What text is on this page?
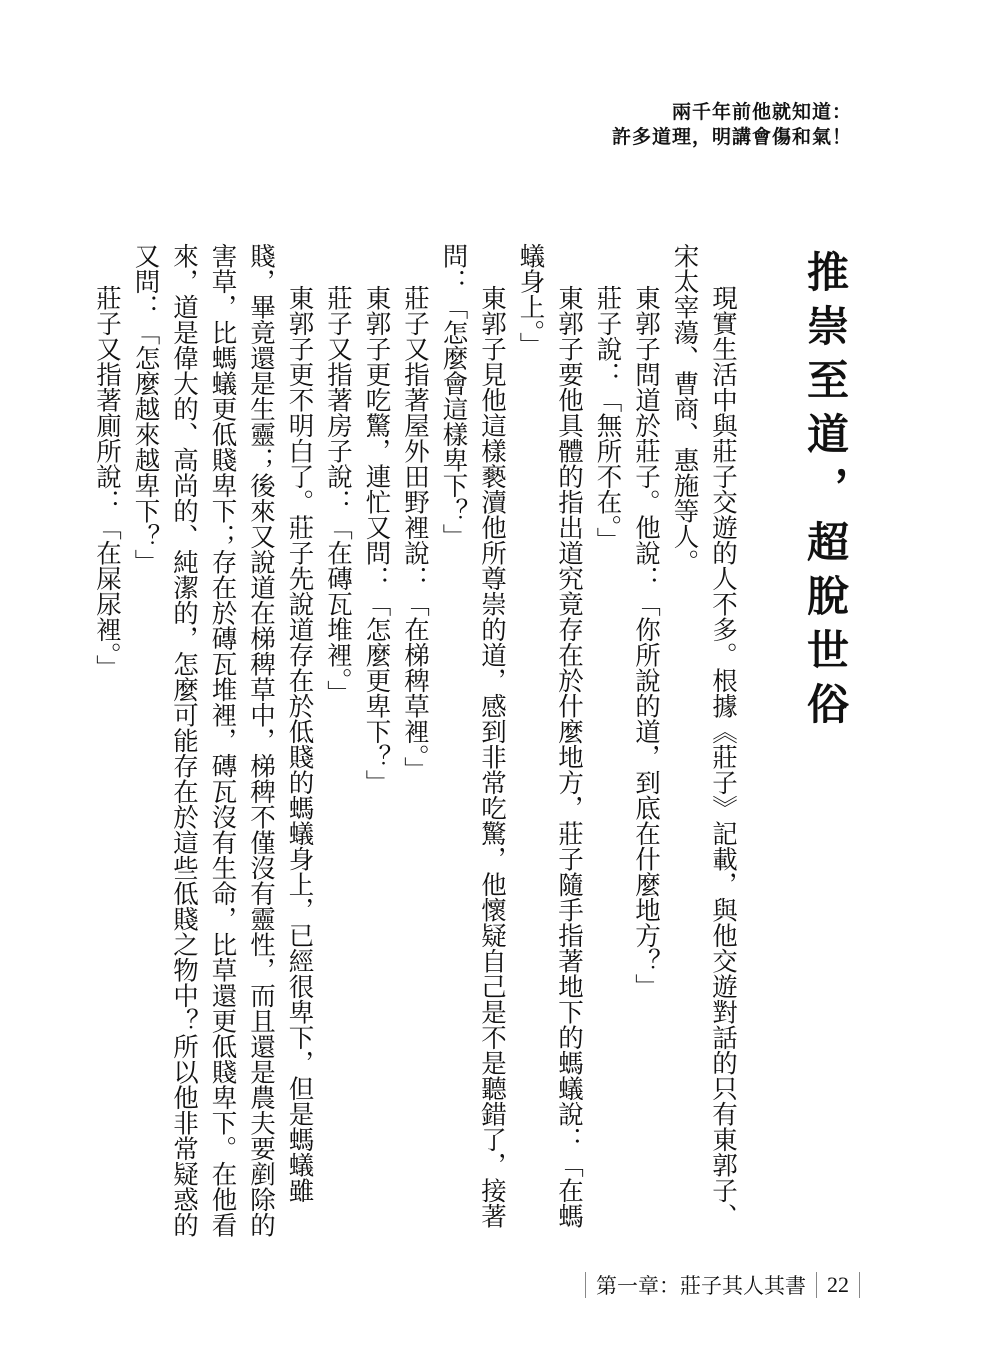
兩千年前他就知道：
許多道理，明講會傷和氣！
推崇至道，超脫世俗

現實生活中與莊子交遊的人不多。根據《莊子》記載，與他交遊對話的只有東郭子、宋太宰蕩、曹商、惠施等人。

東郭子問道於莊子。他說：「你所說的道，到底在什麼地方？」

莊子說：「無所不在。」

東郭子要他具體的指出道究竟存在於什麼地方，莊子隨手指著地下的螞蟻說：「在螞蟻身上。」

東郭子見他這樣褻瀆他所尊崇的道，感到非常吃驚，他懷疑自己是不是聽錯了，接著問：「怎麼會這樣卑下？」

莊子又指著屋外田野裡說：「在梯稗草裡。」

東郭子更吃驚，連忙又問：「怎麼更卑下？」

莊子又指著房子說：「在磚瓦堆裡。」

東郭子更不明白了。莊子先說道存在於低賤的螞蟻身上，已經很卑下，但是螞蟻雖賤，畢竟還是生靈；後來又說道在梯稗草中，梯稗不僅沒有靈性，而且還是農夫要剷除的害草，比螞蟻更低賤卑下；存在於磚瓦堆裡，磚瓦沒有生命，比草還更低賤卑下。在他看來，道是偉大的、高尚的、純潔的，怎麼可能存在於這些低賤之物中？所以他非常疑惑的又問：「怎麼越來越卑下？」

莊子又指著廁所說：「在屎尿裡。」

第一章：莊子其人其書 22
